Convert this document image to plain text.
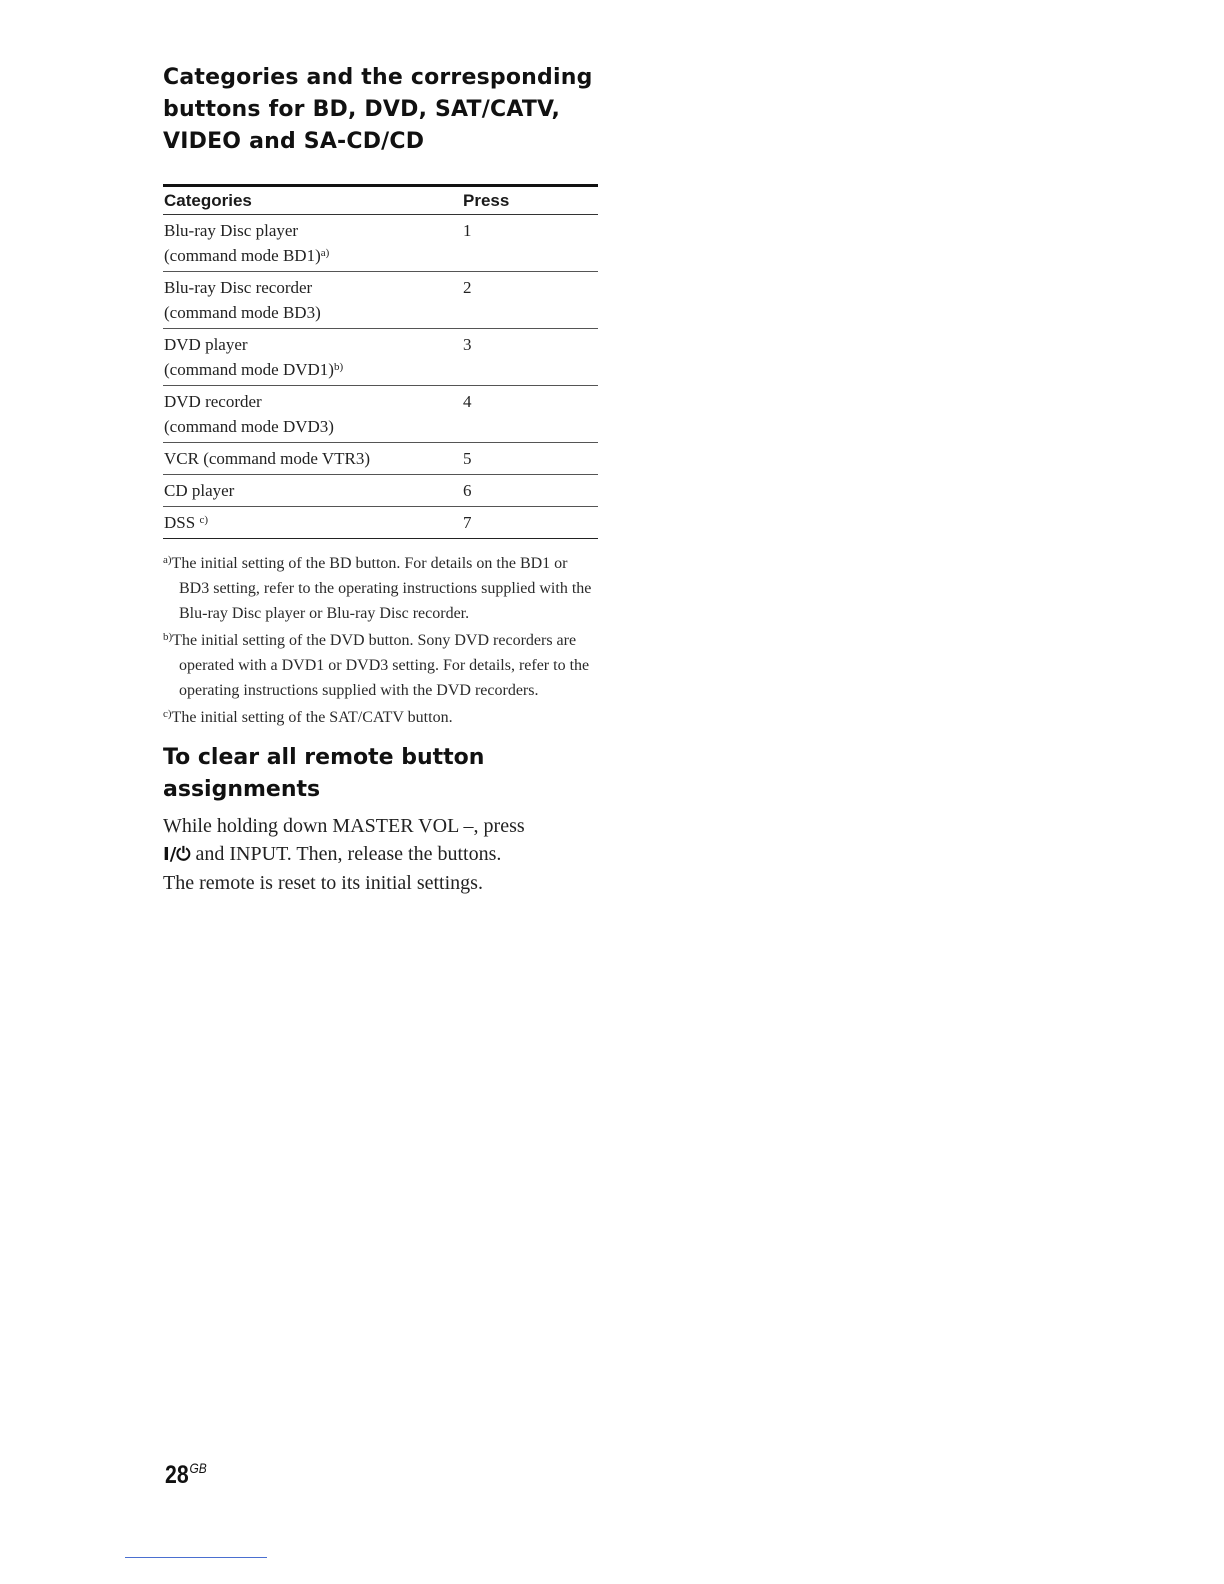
Categories and the corresponding buttons for BD, DVD, SAT/CATV, VIDEO and SA-CD/CD
Categories	Press
Blu-ray Disc player
(command mode BD1)$^{a)}$	1
Blu-ray Disc recorder
(command mode BD3)	2
DVD player
(command mode DVD1)$^{b)}$	3
DVD recorder
(command mode DVD3)	4
VCR (command mode VTR3)	5
CD player	6
DSS $^{c)}$	7
$^{a)}$The initial setting of the BD button. For details on the BD1 or BD3 setting, refer to the operating instructions supplied with the Blu-ray Disc player or Blu-ray Disc recorder.
$^{b)}$The initial setting of the DVD button. Sony DVD recorders are operated with a DVD1 or DVD3 setting. For details, refer to the operating instructions supplied with the DVD recorders.
$^{c)}$The initial setting of the SAT/CATV button.
To clear all remote button assignments
While holding down MASTER VOL –, press
I/⏻ and INPUT. Then, release the buttons.
The remote is reset to its initial settings.
$28^{GB}$
